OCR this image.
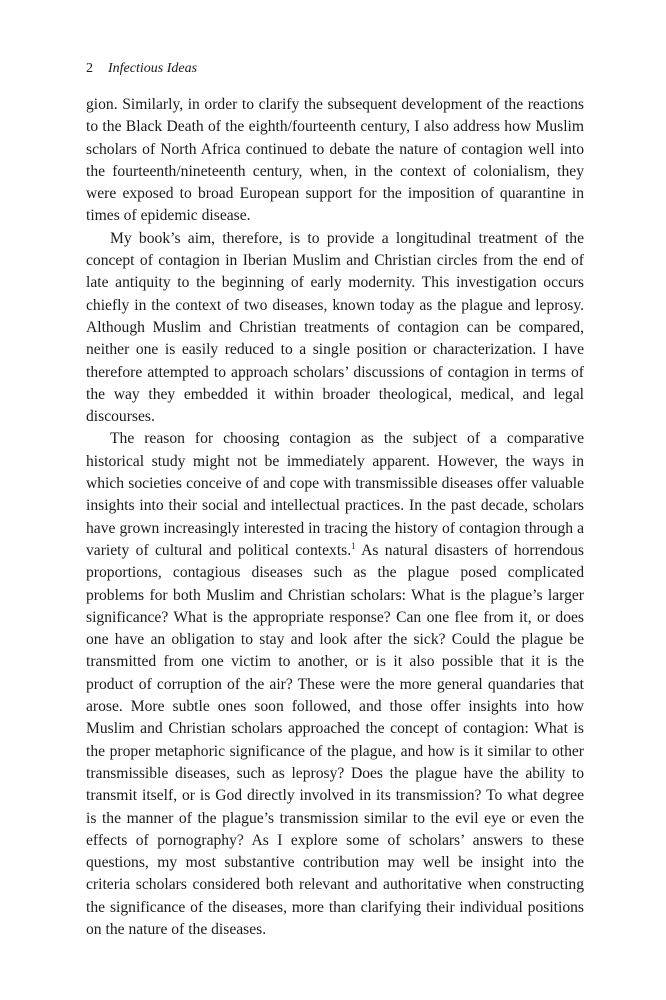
2 Infectious Ideas

gion. Similarly, in order to clarify the subsequent development of the reactions to the Black Death of the eighth/fourteenth century, I also address how Muslim scholars of North Africa continued to debate the nature of contagion well into the fourteenth/nineteenth century, when, in the context of colonialism, they were exposed to broad European support for the imposition of quarantine in times of epidemic disease.

My book’s aim, therefore, is to provide a longitudinal treatment of the concept of contagion in Iberian Muslim and Christian circles from the end of late antiquity to the beginning of early modernity. This investigation occurs chiefly in the context of two diseases, known today as the plague and leprosy. Although Muslim and Christian treatments of contagion can be compared, neither one is easily reduced to a single position or characterization. I have therefore attempted to approach scholars’ discussions of contagion in terms of the way they embedded it within broader theological, medical, and legal discourses.

The reason for choosing contagion as the subject of a comparative historical study might not be immediately apparent. However, the ways in which societies conceive of and cope with transmissible diseases offer valuable insights into their social and intellectual practices. In the past decade, scholars have grown increasingly interested in tracing the history of contagion through a variety of cultural and political contexts.$^1$ As natural disasters of horrendous proportions, contagious diseases such as the plague posed complicated problems for both Muslim and Christian scholars: What is the plague’s larger significance? What is the appropriate response? Can one flee from it, or does one have an obligation to stay and look after the sick? Could the plague be transmitted from one victim to another, or is it also possible that it is the product of corruption of the air? These were the more general quandaries that arose. More subtle ones soon followed, and those offer insights into how Muslim and Christian scholars approached the concept of contagion: What is the proper metaphoric significance of the plague, and how is it similar to other transmissible diseases, such as leprosy? Does the plague have the ability to transmit itself, or is God directly involved in its transmission? To what degree is the manner of the plague’s transmission similar to the evil eye or even the effects of pornography? As I explore some of scholars’ answers to these questions, my most substantive contribution may well be insight into the criteria scholars considered both relevant and authoritative when constructing the significance of the diseases, more than clarifying their individual positions on the nature of the diseases.
